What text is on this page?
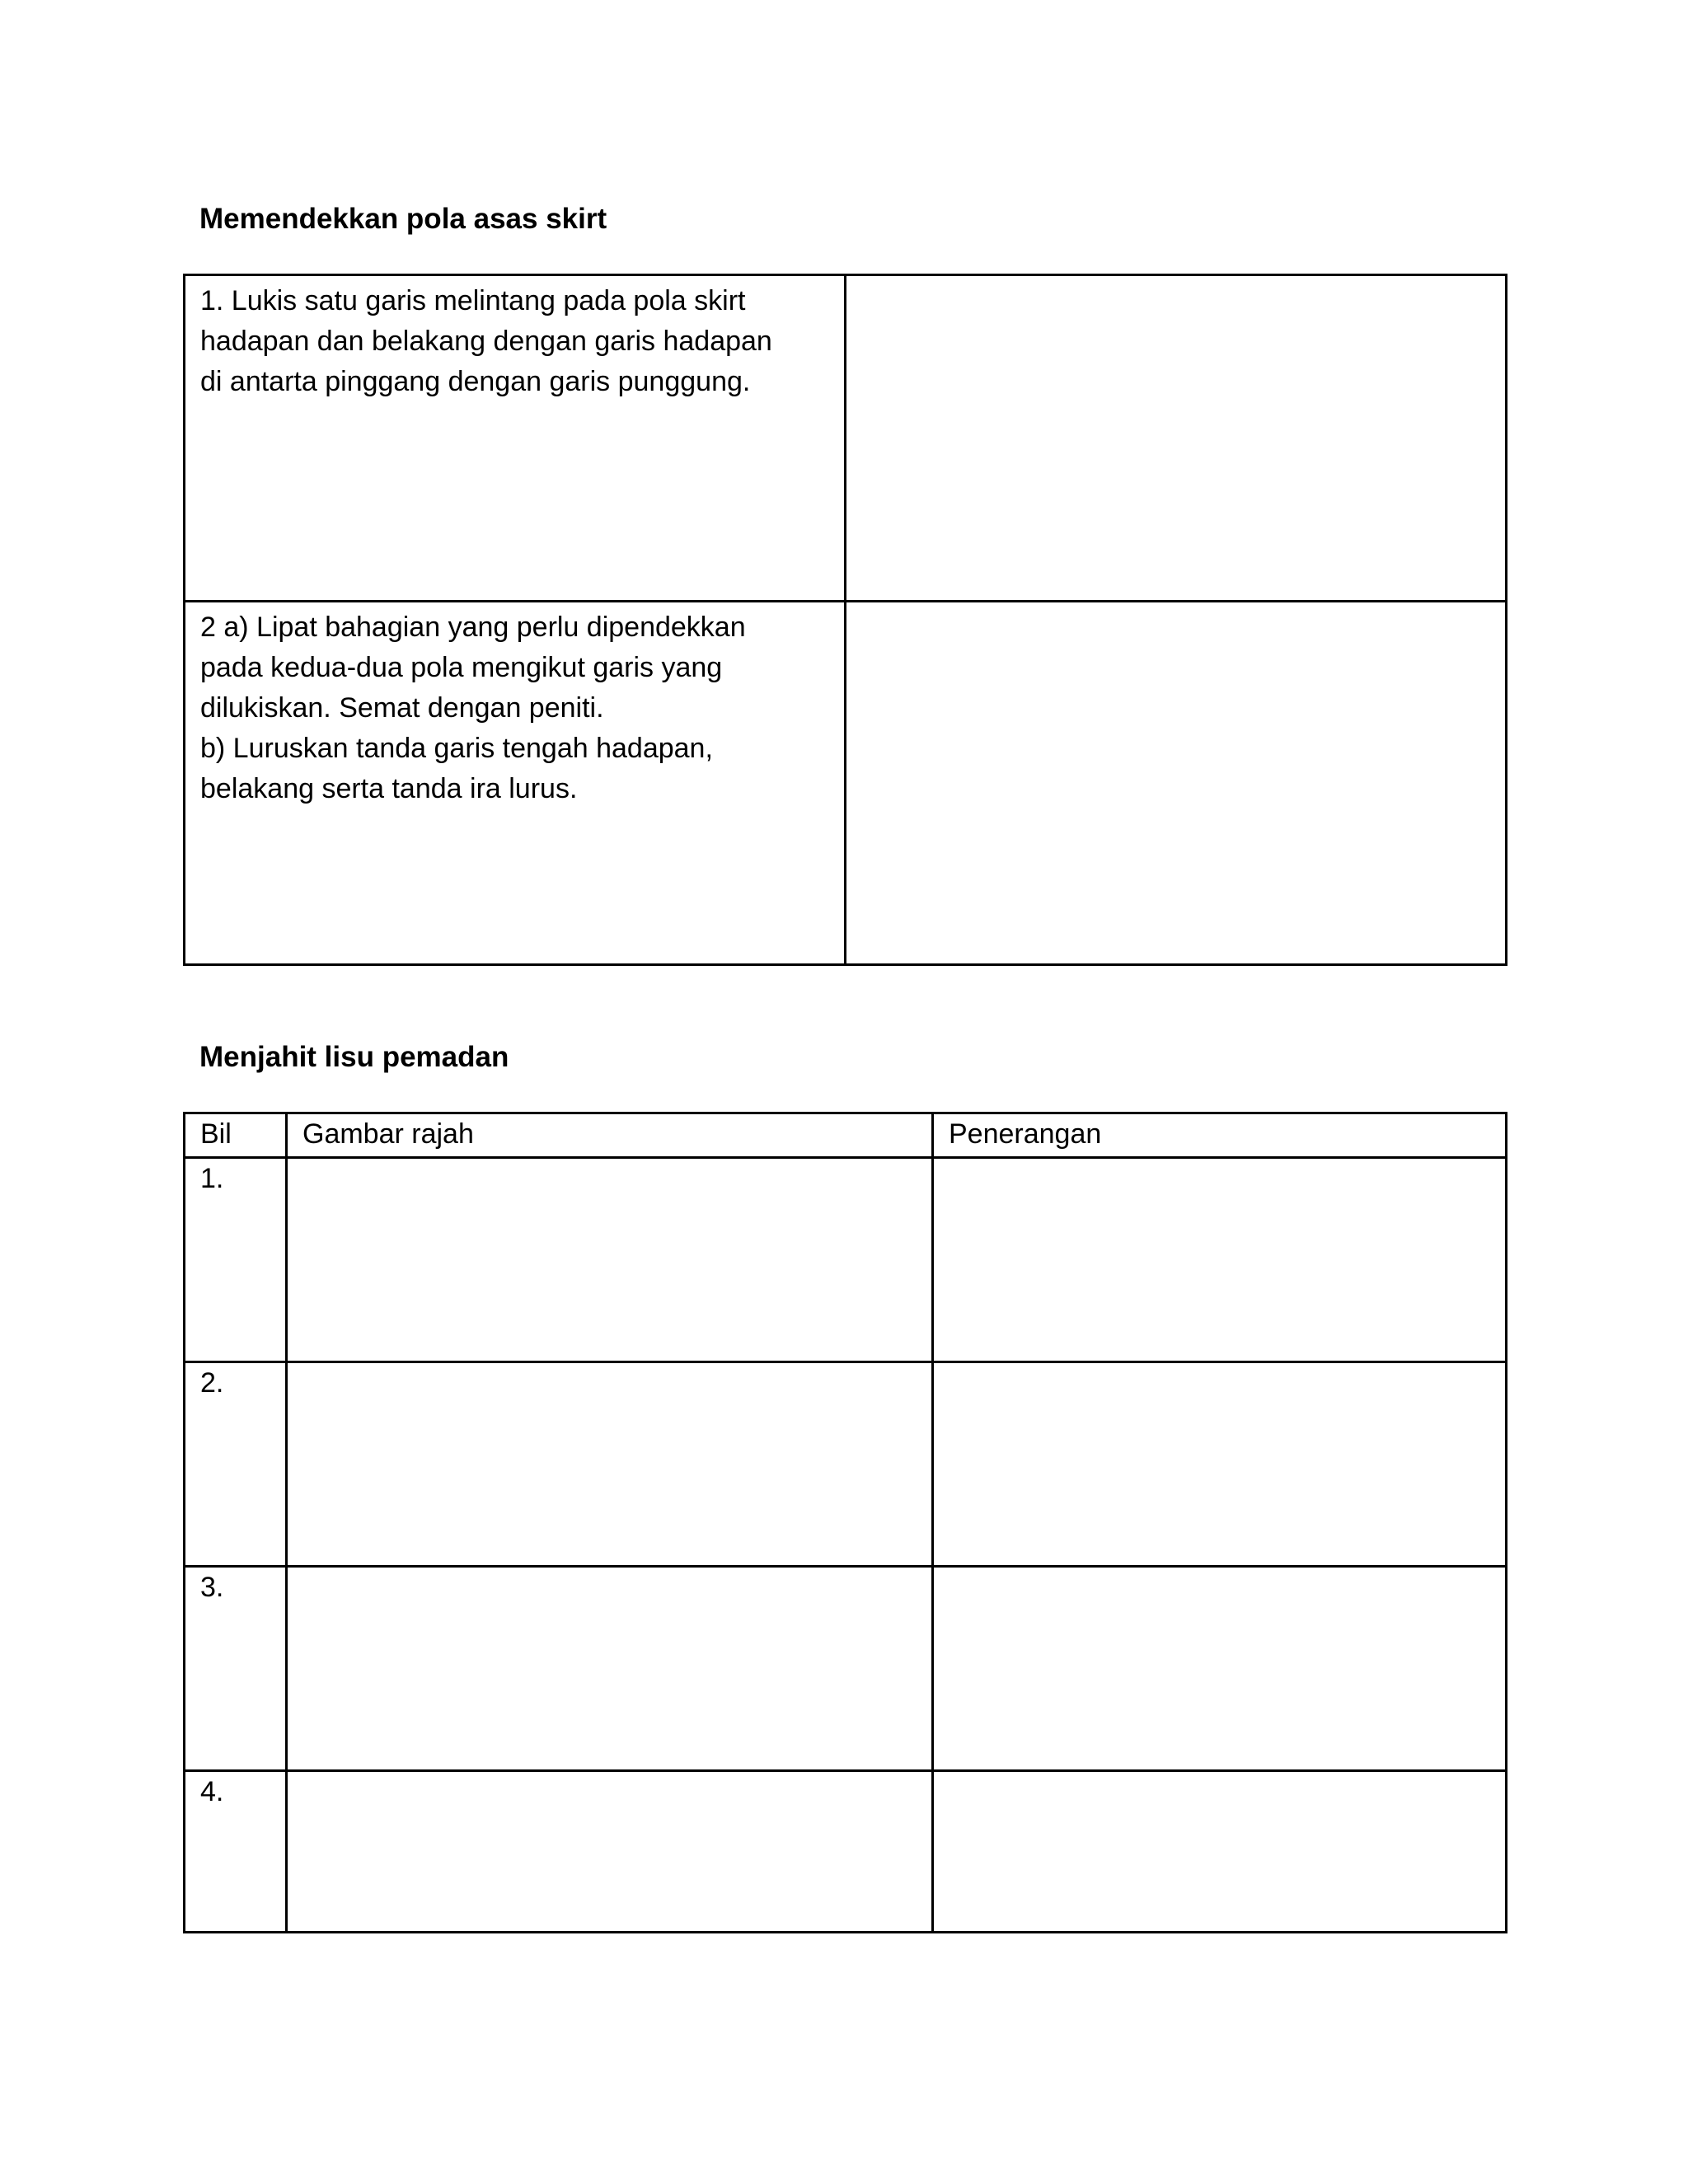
Memendekkan pola asas skirt
1. Lukis satu garis melintang pada pola skirt
hadapan dan belakang dengan garis hadapan
di antarta pinggang dengan garis punggung.	

2 a) Lipat bahagian yang perlu dipendekkan
pada kedua-dua pola mengikut garis yang
dilukiskan. Semat dengan peniti.
b) Luruskan tanda garis tengah hadapan,
belakang serta tanda ira lurus.	

Menjahit lisu pemadan
Bil	Gambar rajah	Penerangan

1.		

2.		

3.		

4.		
